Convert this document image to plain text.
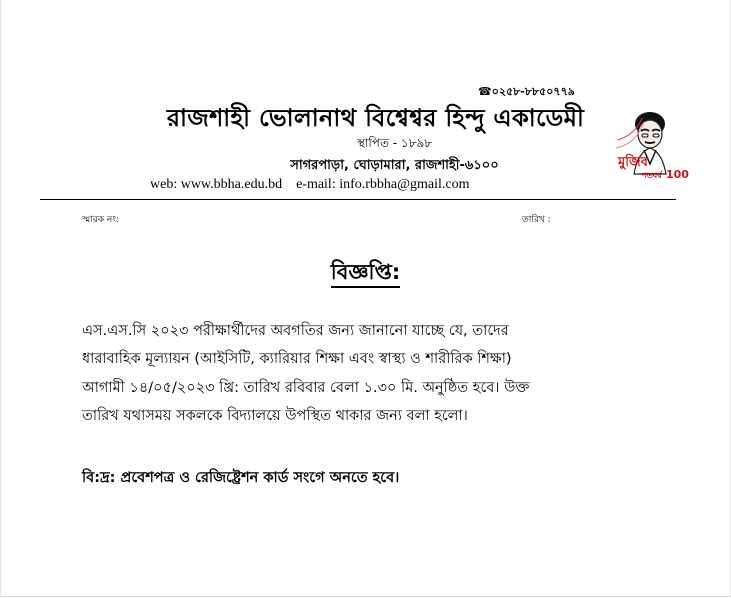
☎০২৫৮-৮৮৫০৭৭৯
রাজশাহী ভোলানাথ বিশ্বেশ্বর হিন্দু একাডেমী
স্থাপিত - ১৮৯৮
সাগরপাড়া, ঘোড়ামারা, রাজশাহী-৬১০০
web: www.bbha.edu.bd    e-mail: info.rbbha@gmail.com
মুজিব
শতবর্ষ 100
স্মারক নং:	তারিখ :
বিজ্ঞপ্তি:
এস.এস.সি ২০২৩ পরীক্ষার্থীদের অবগতির জন্য জানানো যাচ্ছে যে, তাদের
ধারাবাহিক মূল্যায়ন (আইসিটি, ক্যারিয়ার শিক্ষা এবং স্বাস্থ্য ও শারীরিক শিক্ষা)
আগামী ১৪/০৫/২০২৩ খ্রি: তারিখ রবিবার বেলা ১.৩০ মি. অনুষ্ঠিত হবে। উক্ত
তারিখ যথাসময় সকলকে বিদ্যালয়ে উপস্থিত থাকার জন্য বলা হলো।
বি:দ্র: প্রবেশপত্র ও রেজিষ্ট্রেশন কার্ড সংগে অনতে হবে।
